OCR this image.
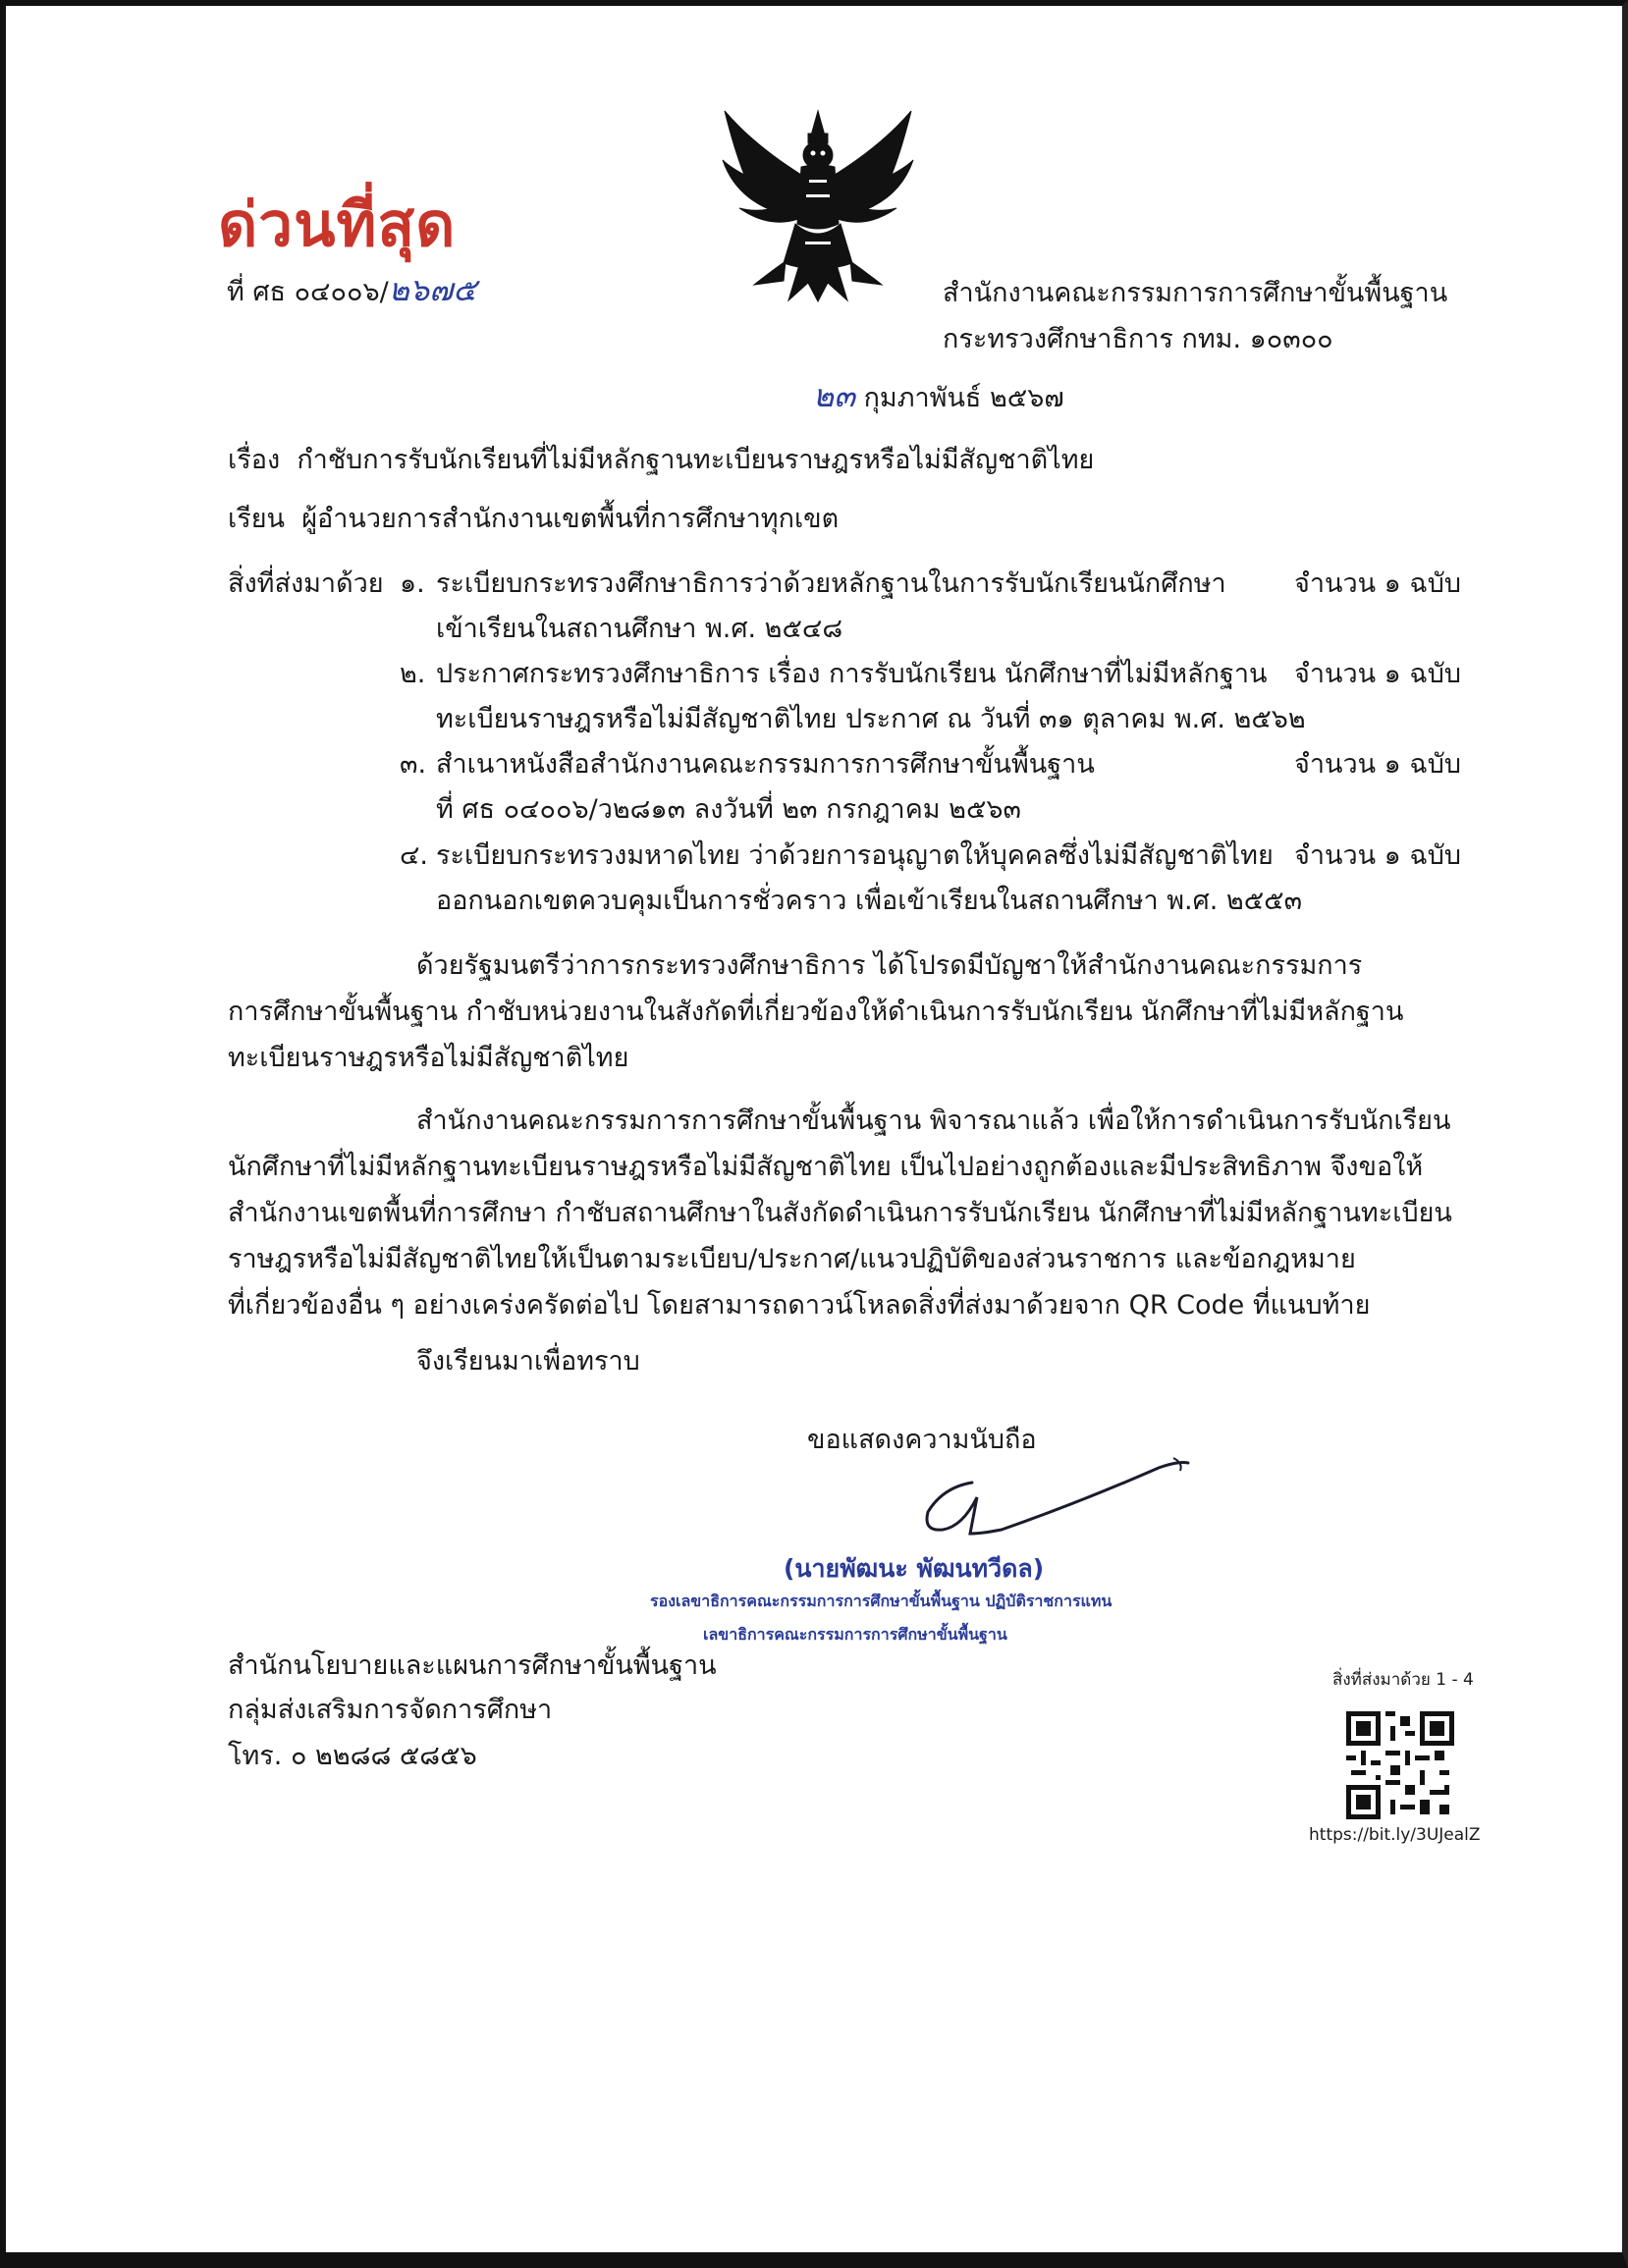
ด่วนที่สุด
ที่ ศธ ๐๔๐๐๖/๒๖๗๕	สำนักงานคณะกรรมการการศึกษาขั้นพื้นฐาน
กระทรวงศึกษาธิการ กทม. ๑๐๓๐๐
๒๓ กุมภาพันธ์ ๒๕๖๗
เรื่อง กำชับการรับนักเรียนที่ไม่มีหลักฐานทะเบียนราษฎรหรือไม่มีสัญชาติไทย
เรียน ผู้อำนวยการสำนักงานเขตพื้นที่การศึกษาทุกเขต
สิ่งที่ส่งมาด้วย ๑. ระเบียบกระทรวงศึกษาธิการว่าด้วยหลักฐานในการรับนักเรียนนักศึกษา
เข้าเรียนในสถานศึกษา พ.ศ. ๒๕๔๘
จำนวน ๑ ฉบับ
๒. ประกาศกระทรวงศึกษาธิการ เรื่อง การรับนักเรียน นักศึกษาที่ไม่มีหลักฐาน
ทะเบียนราษฎรหรือไม่มีสัญชาติไทย ประกาศ ณ วันที่ ๓๑ ตุลาคม พ.ศ. ๒๕๖๒
จำนวน ๑ ฉบับ
๓. สำเนาหนังสือสำนักงานคณะกรรมการการศึกษาขั้นพื้นฐาน
ที่ ศธ ๐๔๐๐๖/ว๒๘๑๓ ลงวันที่ ๒๓ กรกฎาคม ๒๕๖๓
จำนวน ๑ ฉบับ
๔. ระเบียบกระทรวงมหาดไทย ว่าด้วยการอนุญาตให้บุคคลซึ่งไม่มีสัญชาติไทย
ออกนอกเขตควบคุมเป็นการชั่วคราว เพื่อเข้าเรียนในสถานศึกษา พ.ศ. ๒๕๕๓
จำนวน ๑ ฉบับ
ด้วยรัฐมนตรีว่าการกระทรวงศึกษาธิการ ได้โปรดมีบัญชาให้สำนักงานคณะกรรมการ
การศึกษาขั้นพื้นฐาน กำชับหน่วยงานในสังกัดที่เกี่ยวข้องให้ดำเนินการรับนักเรียน นักศึกษาที่ไม่มีหลักฐาน
ทะเบียนราษฎรหรือไม่มีสัญชาติไทย
สำนักงานคณะกรรมการการศึกษาขั้นพื้นฐาน พิจารณาแล้ว เพื่อให้การดำเนินการรับนักเรียน
นักศึกษาที่ไม่มีหลักฐานทะเบียนราษฎรหรือไม่มีสัญชาติไทย เป็นไปอย่างถูกต้องและมีประสิทธิภาพ จึงขอให้
สำนักงานเขตพื้นที่การศึกษา กำชับสถานศึกษาในสังกัดดำเนินการรับนักเรียน นักศึกษาที่ไม่มีหลักฐานทะเบียน
ราษฎรหรือไม่มีสัญชาติไทยให้เป็นตามระเบียบ/ประกาศ/แนวปฏิบัติของส่วนราชการ และข้อกฎหมาย
ที่เกี่ยวข้องอื่น ๆ อย่างเคร่งครัดต่อไป โดยสามารถดาวน์โหลดสิ่งที่ส่งมาด้วยจาก QR Code ที่แนบท้าย
จึงเรียนมาเพื่อทราบ
ขอแสดงความนับถือ
(นายพัฒนะ พัฒนทวีดล)
รองเลขาธิการคณะกรรมการการศึกษาขั้นพื้นฐาน ปฏิบัติราชการแทน
เลขาธิการคณะกรรมการการศึกษาขั้นพื้นฐาน
สำนักนโยบายและแผนการศึกษาขั้นพื้นฐาน
กลุ่มส่งเสริมการจัดการศึกษา
โทร. ๐ ๒๒๘๘ ๕๘๕๖
สิ่งที่ส่งมาด้วย 1 - 4
https://bit.ly/3UJealZ
